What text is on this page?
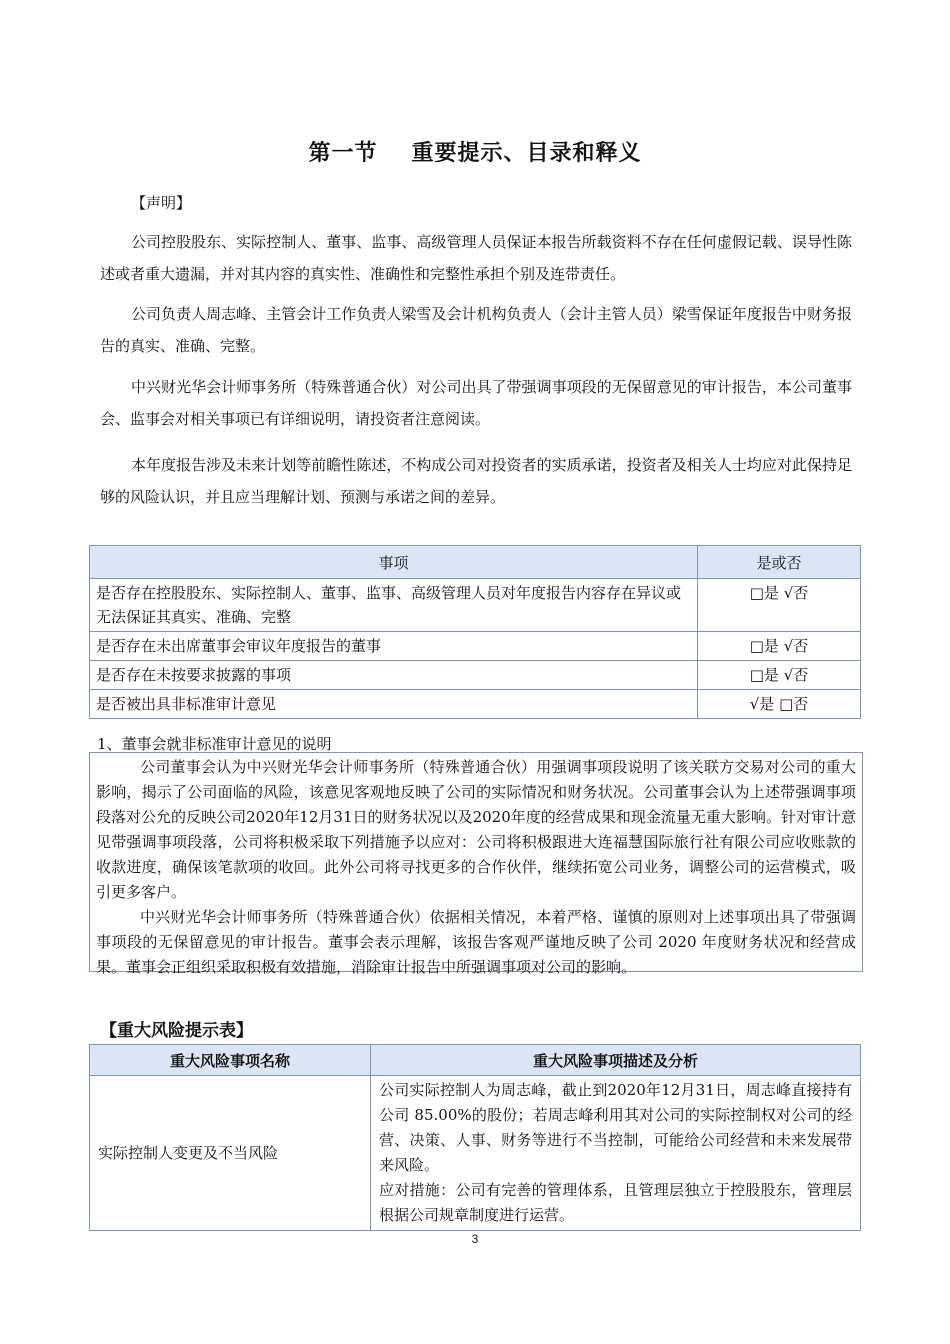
第一节 重要提示、目录和释义
【声明】

公司控股股东、实际控制人、董事、监事、高级管理人员保证本报告所载资料不存在任何虚假记载、误导性陈述或者重大遗漏，并对其内容的真实性、准确性和完整性承担个别及连带责任。

公司负责人周志峰、主管会计工作负责人梁雪及会计机构负责人（会计主管人员）梁雪保证年度报告中财务报告的真实、准确、完整。

中兴财光华会计师事务所（特殊普通合伙）对公司出具了带强调事项段的无保留意见的审计报告，本公司董事会、监事会对相关事项已有详细说明，请投资者注意阅读。

本年度报告涉及未来计划等前瞻性陈述，不构成公司对投资者的实质承诺，投资者及相关人士均应对此保持足够的风险认识，并且应当理解计划、预测与承诺之间的差异。

事项	是或否
是否存在控股股东、实际控制人、董事、监事、高级管理人员对年度报告内容存在异议或无法保证其真实、准确、完整	□是 √否
是否存在未出席董事会审议年度报告的董事	□是 √否
是否存在未按要求披露的事项	□是 √否
是否被出具非标准审计意见	√是 □否
1、董事会就非标准审计意见的说明

公司董事会认为中兴财光华会计师事务所（特殊普通合伙）用强调事项段说明了该关联方交易对公司的重大影响，揭示了公司面临的风险，该意见客观地反映了公司的实际情况和财务状况。公司董事会认为上述带强调事项段落对公允的反映公司2020年12月31日的财务状况以及2020年度的经营成果和现金流量无重大影响。针对审计意见带强调事项段落，公司将积极采取下列措施予以应对：公司将积极跟进大连福慧国际旅行社有限公司应收账款的收款进度，确保该笔款项的收回。此外公司将寻找更多的合作伙伴，继续拓宽公司业务，调整公司的运营模式，吸引更多客户。

中兴财光华会计师事务所（特殊普通合伙）依据相关情况，本着严格、谨慎的原则对上述事项出具了带强调事项段的无保留意见的审计报告。董事会表示理解，该报告客观严谨地反映了公司 2020 年度财务状况和经营成果。董事会正组织采取积极有效措施，消除审计报告中所强调事项对公司的影响。

【重大风险提示表】
重大风险事项名称	重大风险事项描述及分析
实际控制人变更及不当风险	公司实际控制人为周志峰，截止到2020年12月31日，周志峰直接持有公司 85.00%的股份；若周志峰利用其对公司的实际控制权对公司的经营、决策、人事、财务等进行不当控制，可能给公司经营和未来发展带来风险。

应对措施：公司有完善的管理体系，且管理层独立于控股股东，管理层根据公司规章制度进行运营。

3
